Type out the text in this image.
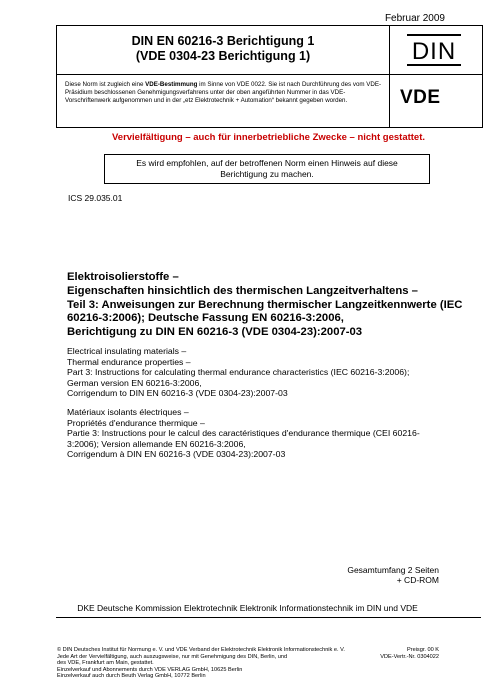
Februar 2009
DIN EN 60216-3 Berichtigung 1
(VDE 0304-23 Berichtigung 1)
Diese Norm ist zugleich eine VDE-Bestimmung im Sinne von VDE 0022. Sie ist nach Durchführung des vom VDE-Präsidium beschlossenen Genehmigungsverfahrens unter der oben angeführten Nummer in das VDE-Vorschriftenwerk aufgenommen und in der „etz Elektrotechnik + Automation“ bekannt gegeben worden.
DIN
VDE
Vervielfältigung – auch für innerbetriebliche Zwecke – nicht gestattet.
Es wird empfohlen, auf der betroffenen Norm einen Hinweis auf diese
Berichtigung zu machen.
ICS 29.035.01
Elektroisolierstoffe –
Eigenschaften hinsichtlich des thermischen Langzeitverhaltens –
Teil 3: Anweisungen zur Berechnung thermischer Langzeitkennwerte (IEC
60216-3:2006); Deutsche Fassung EN 60216-3:2006,
Berichtigung zu DIN EN 60216-3 (VDE 0304-23):2007-03
Electrical insulating materials –
Thermal endurance properties –
Part 3: Instructions for calculating thermal endurance characteristics (IEC 60216-3:2006);
German version EN 60216-3:2006,
Corrigendum to DIN EN 60216-3 (VDE 0304-23):2007-03
Matériaux isolants électriques –
Propriétés d'endurance thermique –
Partie 3: Instructions pour le calcul des caractéristiques d'endurance thermique (CEI 60216-
3:2006); Version allemande EN 60216-3:2006,
Corrigendum à DIN EN 60216-3 (VDE 0304-23):2007-03
Gesamtumfang 2 Seiten
+ CD-ROM
DKE Deutsche Kommission Elektrotechnik Elektronik Informationstechnik im DIN und VDE
© DIN Deutsches Institut für Normung e. V. und VDE Verband der Elektrotechnik Elektronik Informationstechnik e. V.
Jede Art der Vervielfältigung, auch auszugsweise, nur mit Genehmigung des DIN, Berlin, und
des VDE, Frankfurt am Main, gestattet.
Einzelverkauf und Abonnements durch VDE VERLAG GmbH, 10625 Berlin
Einzelverkauf auch durch Beuth Verlag GmbH, 10772 Berlin
Preisgr. 00 K
VDE-Vertr.-Nr. 0304022
